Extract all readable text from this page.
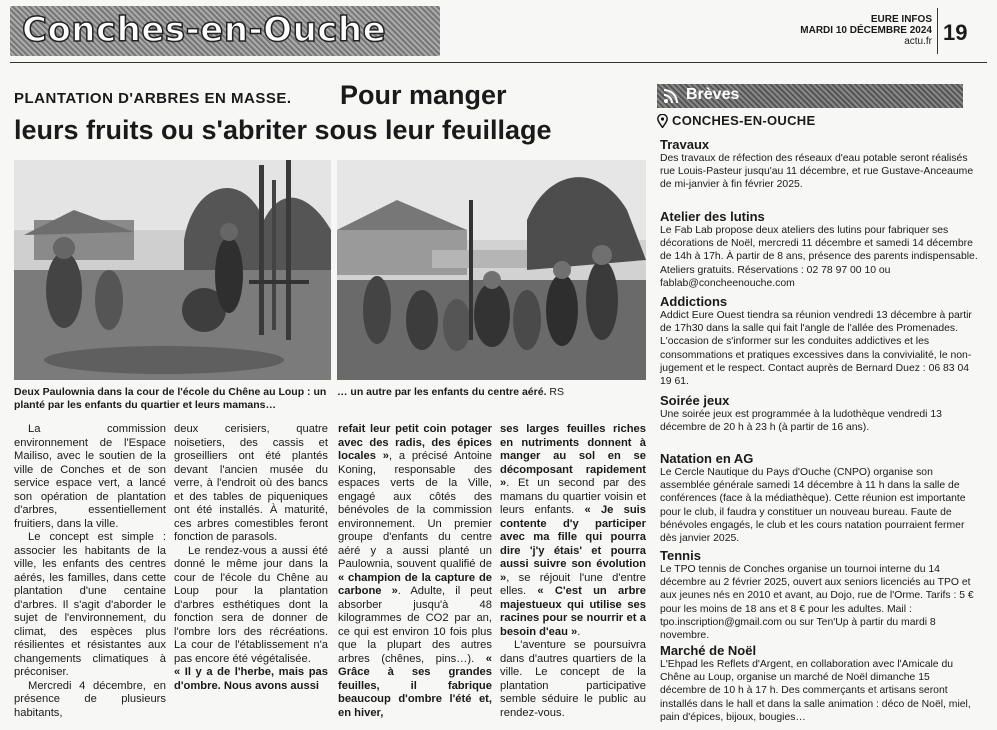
Conches-en-Ouche	EURE INFOS
MARDI 10 DÉCEMBRE 2024
actu.fr 19
PLANTATION D'ARBRES EN MASSE. Pour manger
leurs fruits ou s'abriter sous leur feuillage
Deux Paulownia dans la cour de l'école du Chêne au Loup : un planté par les enfants du quartier et leurs mamans…
… un autre par les enfants du centre aéré. RS

La commission environnement de l'Espace Mailiso, avec le soutien de la ville de Conches et de son service espace vert, a lancé son opération de plantation d'arbres, essentiellement fruitiers, dans la ville.

Le concept est simple : associer les habitants de la ville, les enfants des centres aérés, les familles, dans cette plantation d'une centaine d'arbres. Il s'agit d'aborder le sujet de l'environnement, du climat, des espèces plus résilientes et résistantes aux changements climatiques à préconiser.

Mercredi 4 décembre, en présence de plusieurs habitants,

deux cerisiers, quatre noisetiers, des cassis et groseilliers ont été plantés devant l'ancien musée du verre, à l'endroit où des bancs et des tables de piqueniques ont été installés. À maturité, ces arbres comestibles feront fonction de parasols.

Le rendez-vous a aussi été donné le même jour dans la cour de l'école du Chêne au Loup pour la plantation d'arbres esthétiques dont la fonction sera de donner de l'ombre lors des récréations. La cour de l'établissement n'a pas encore été végétalisée.

« Il y a de l'herbe, mais pas d'ombre. Nous avons aussi

refait leur petit coin potager avec des radis, des épices locales », a précisé Antoine Koning, responsable des espaces verts de la Ville, engagé aux côtés des bénévoles de la commission environnement. Un premier groupe d'enfants du centre aéré y a aussi planté un Paulownia, souvent qualifié de « champion de la capture de carbone ». Adulte, il peut absorber jusqu'à 48 kilogrammes de CO2 par an, ce qui est environ 10 fois plus que la plupart des autres arbres (chênes, pins…). « Grâce à ses grandes feuilles, il fabrique beaucoup d'ombre l'été et, en hiver,

ses larges feuilles riches en nutriments donnent à manger au sol en se décomposant rapidement ». Et un second par des mamans du quartier voisin et leurs enfants. « Je suis contente d'y participer avec ma fille qui pourra dire 'j'y étais' et pourra aussi suivre son évolution », se réjouit l'une d'entre elles. « C'est un arbre majestueux qui utilise ses racines pour se nourrir et a besoin d'eau ».

L'aventure se poursuivra dans d'autres quartiers de la ville. Le concept de la plantation participative semble séduire le public au rendez-vous.

Brèves
CONCHES-EN-OUCHE
Travaux

Des travaux de réfection des réseaux d'eau potable seront réalisés rue Louis-Pasteur jusqu'au 11 décembre, et rue Gustave-Anceaume de mi-janvier à fin février 2025.

Atelier des lutins

Le Fab Lab propose deux ateliers des lutins pour fabriquer ses décorations de Noël, mercredi 11 décembre et samedi 14 décembre de 14h à 17h. À partir de 8 ans, présence des parents indispensable. Ateliers gratuits. Réservations : 02 78 97 00 10 ou fablab@concheenouche.com

Addictions

Addict Eure Ouest tiendra sa réunion vendredi 13 décembre à partir de 17h30 dans la salle qui fait l'angle de l'allée des Promenades. L'occasion de s'informer sur les conduites addictives et les consommations et pratiques excessives dans la convivialité, le non-jugement et le respect. Contact auprès de Bernard Duez : 06 83 04 19 61.

Soirée jeux

Une soirée jeux est programmée à la ludothèque vendredi 13 décembre de 20 h à 23 h (à partir de 16 ans).

Natation en AG

Le Cercle Nautique du Pays d'Ouche (CNPO) organise son assemblée générale samedi 14 décembre à 11 h dans la salle de conférences (face à la médiathèque). Cette réunion est importante pour le club, il faudra y constituer un nouveau bureau. Faute de bénévoles engagés, le club et les cours natation pourraient fermer dès janvier 2025.

Tennis

Le TPO tennis de Conches organise un tournoi interne du 14 décembre au 2 février 2025, ouvert aux seniors licenciés au TPO et aux jeunes nés en 2010 et avant, au Dojo, rue de l'Orme. Tarifs : 5 € pour les moins de 18 ans et 8 € pour les adultes. Mail : tpo.inscription@gmail.com ou sur Ten'Up à partir du mardi 8 novembre.

Marché de Noël

L'Ehpad les Reflets d'Argent, en collaboration avec l'Amicale du Chêne au Loup, organise un marché de Noël dimanche 15 décembre de 10 h à 17 h. Des commerçants et artisans seront installés dans le hall et dans la salle animation : déco de Noël, miel, pain d'épices, bijoux, bougies…
